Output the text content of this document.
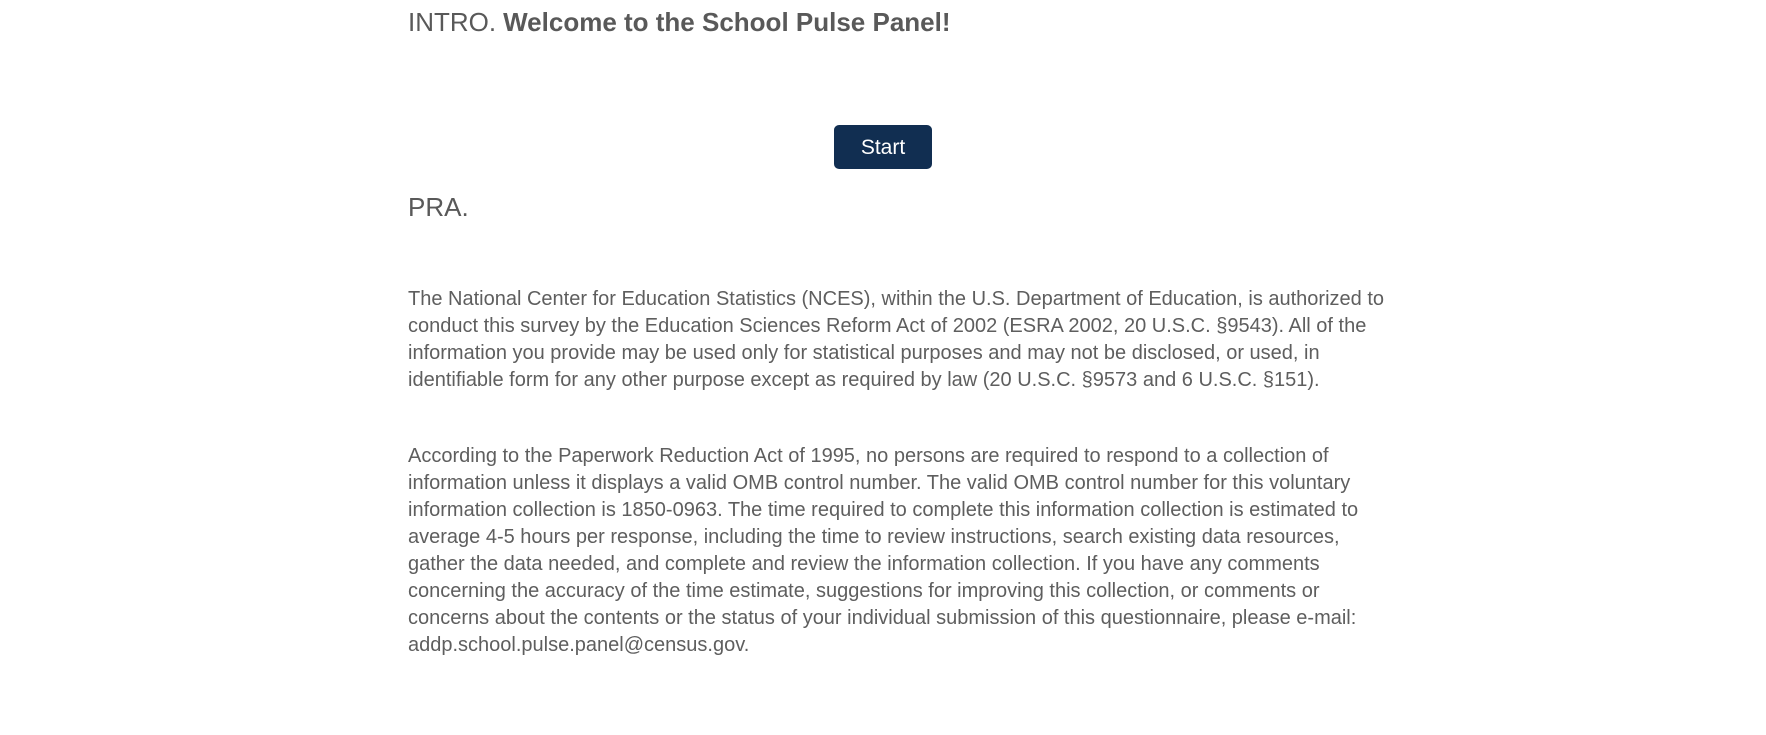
INTRO. Welcome to the School Pulse Panel!
Start
PRA.

The National Center for Education Statistics (NCES), within the U.S. Department of Education, is authorized to conduct this survey by the Education Sciences Reform Act of 2002 (ESRA 2002, 20 U.S.C. §9543). All of the information you provide may be used only for statistical purposes and may not be disclosed, or used, in identifiable form for any other purpose except as required by law (20 U.S.C. §9573 and 6 U.S.C. §151).

According to the Paperwork Reduction Act of 1995, no persons are required to respond to a collection of information unless it displays a valid OMB control number. The valid OMB control number for this voluntary information collection is 1850-0963. The time required to complete this information collection is estimated to average 4-5 hours per response, including the time to review instructions, search existing data resources, gather the data needed, and complete and review the information collection. If you have any comments concerning the accuracy of the time estimate, suggestions for improving this collection, or comments or concerns about the contents or the status of your individual submission of this questionnaire, please e-mail: addp.school.pulse.panel@census.gov.
